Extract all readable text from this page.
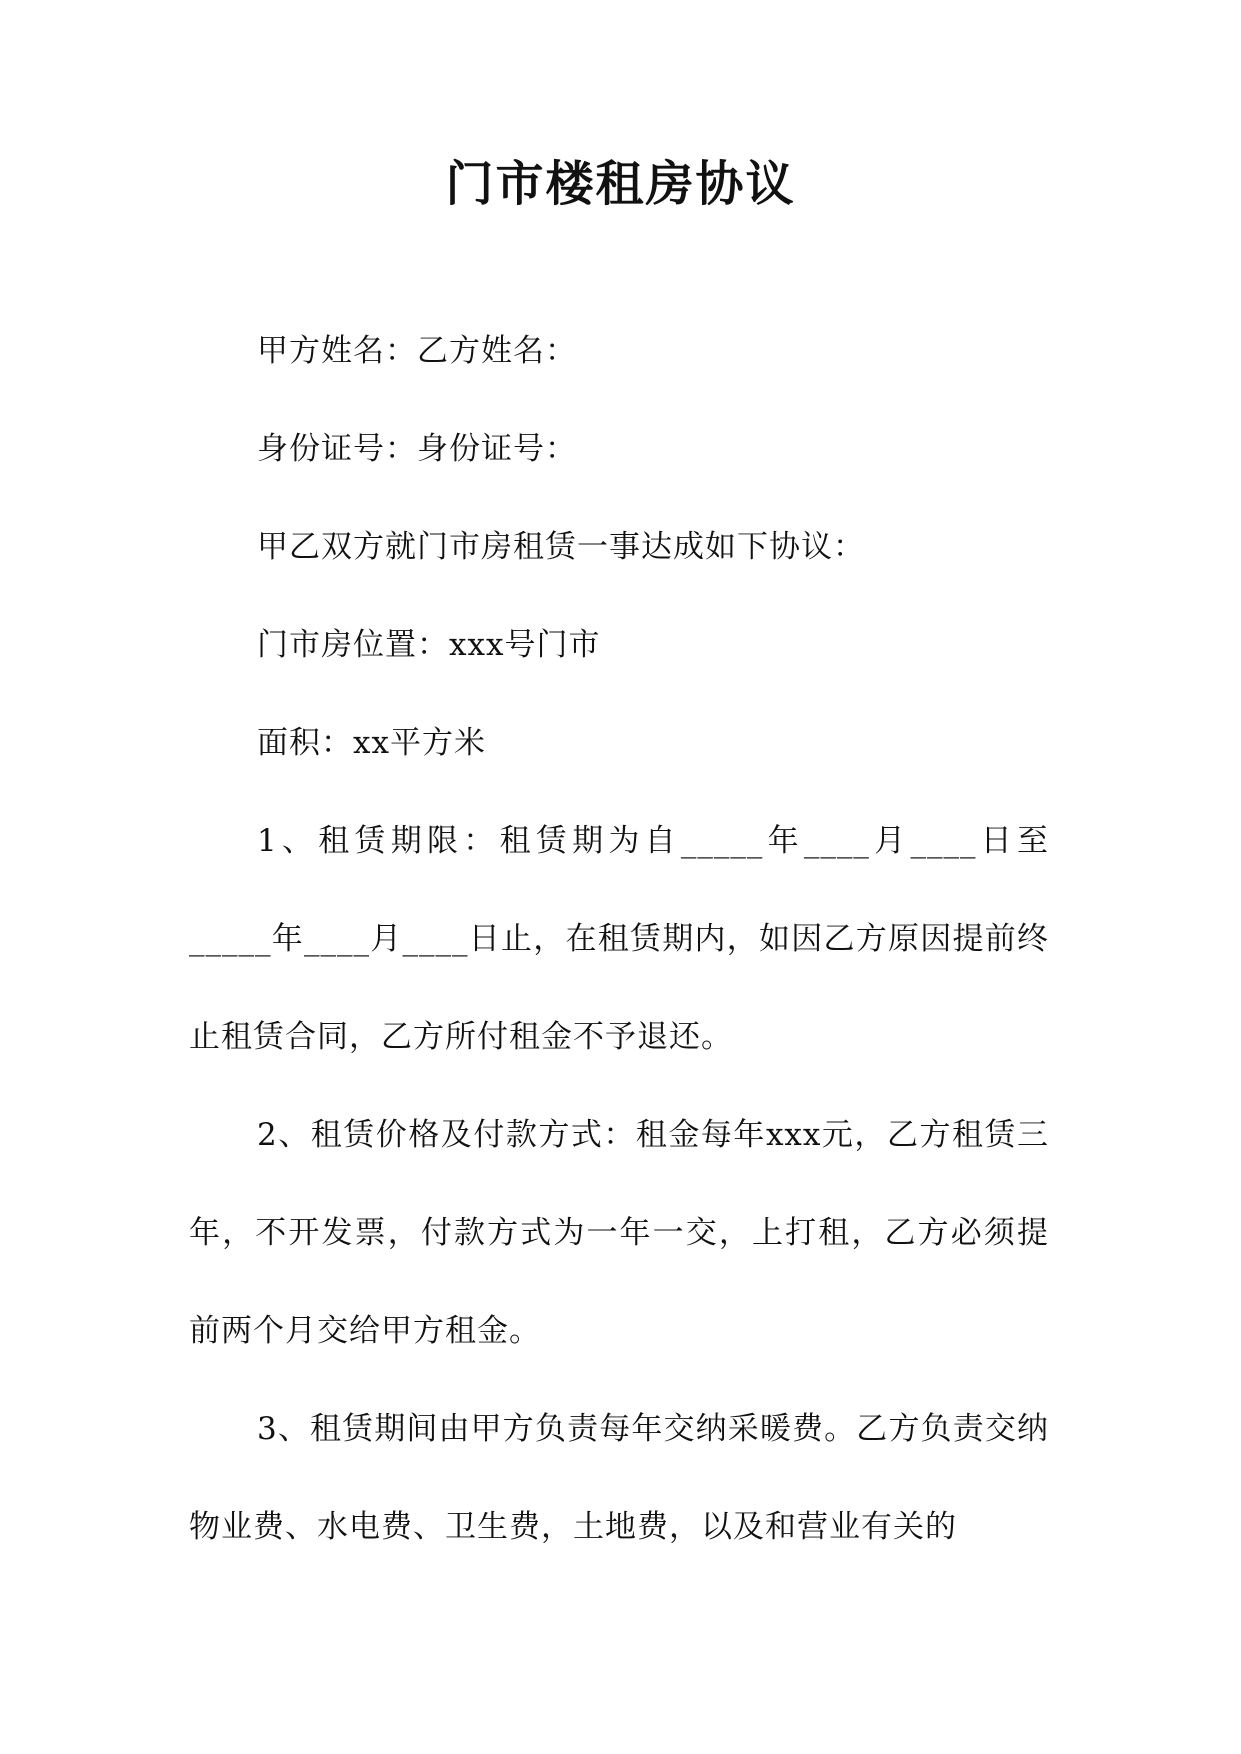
门市楼租房协议

甲方姓名：乙方姓名：

身份证号：身份证号：

甲乙双方就门市房租赁一事达成如下协议：

门市房位置：xxx号门市

面积：xx平方米

1、租赁期限：租赁期为自_____年____月____日至_____年____月____日止，在租赁期内，如因乙方原因提前终止租赁合同，乙方所付租金不予退还。

2、租赁价格及付款方式：租金每年xxx元，乙方租赁三年，不开发票，付款方式为一年一交，上打租，乙方必须提前两个月交给甲方租金。

3、租赁期间由甲方负责每年交纳采暖费。乙方负责交纳物业费、水电费、卫生费，土地费，以及和营业有关的
